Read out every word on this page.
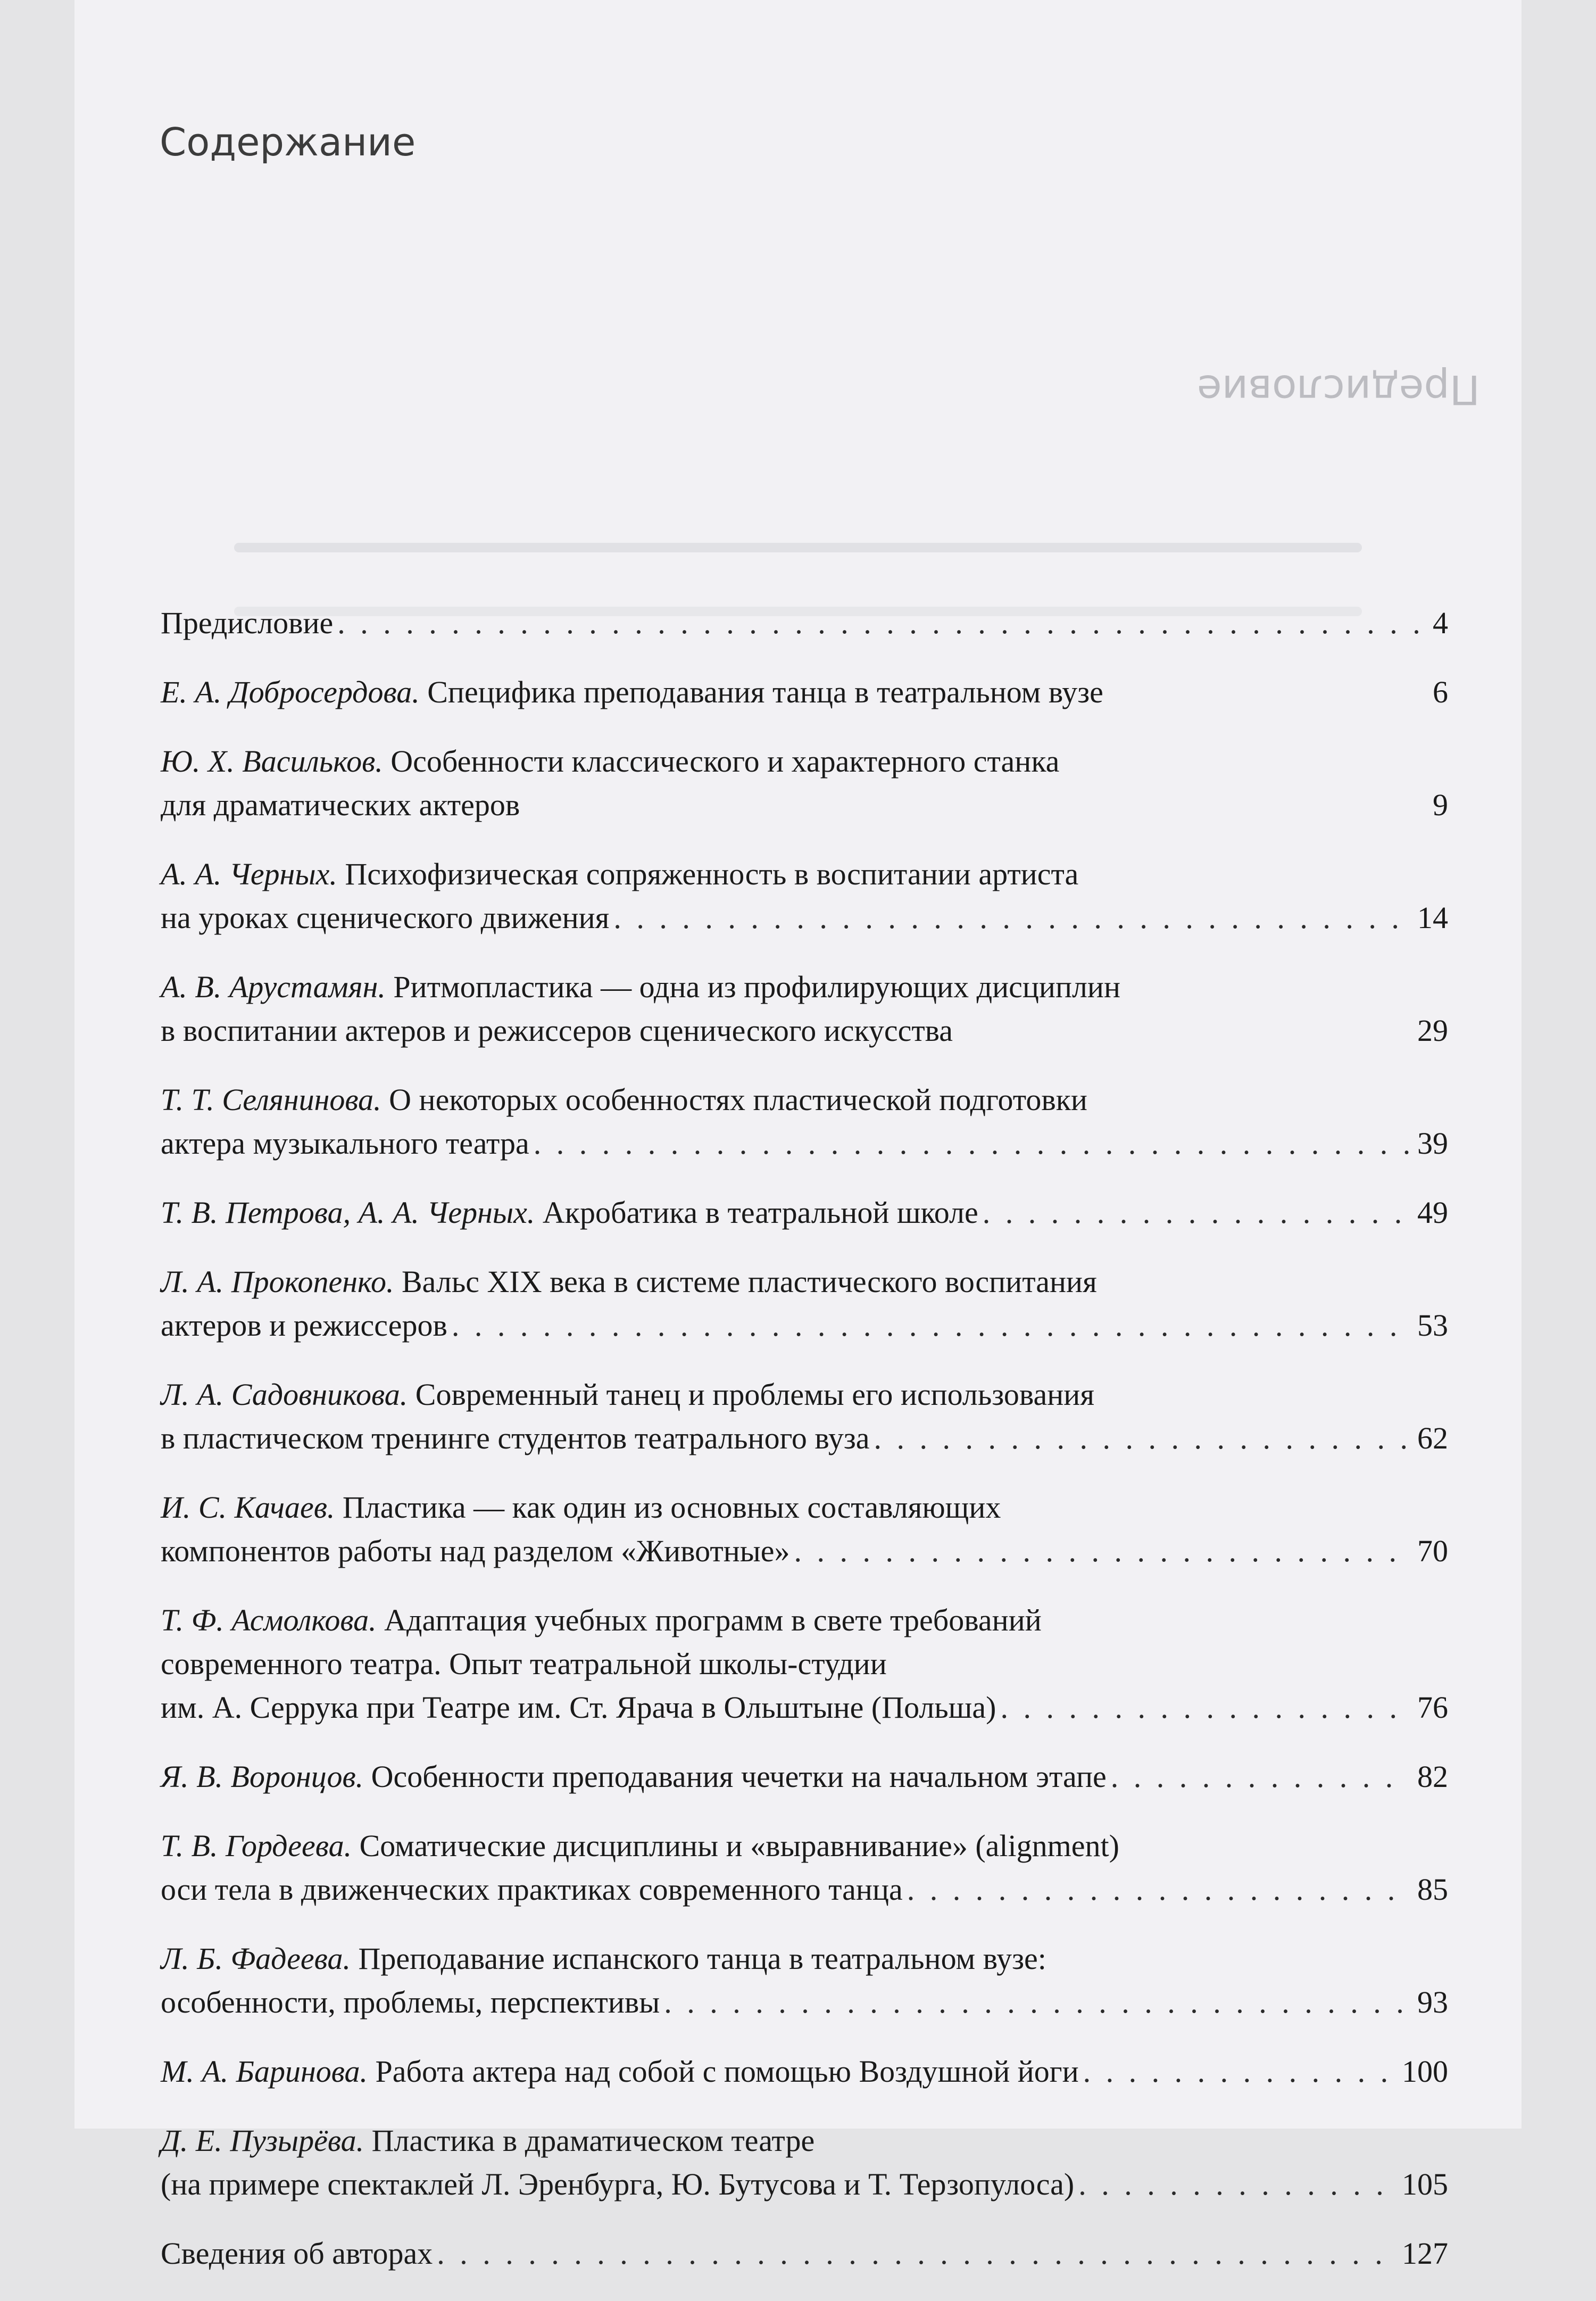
Предисловие
Содержание
Предисловие . . .	4
Е. А. Добросердова. Специфика преподавания танца в театральном вузе	6
Ю. Х. Васильков. Особенности классического и характерного станка
для драматических актеров	9
А. А. Черных. Психофизическая сопряженность в воспитании артиста
на уроках сценического движения . . .	14
А. В. Арустамян. Ритмопластика — одна из профилирующих дисциплин
в воспитании актеров и режиссеров сценического искусства	29
Т. Т. Селянинова. О некоторых особенностях пластической подготовки
актера музыкального театра . . .	39
Т. В. Петрова, А. А. Черных. Акробатика в театральной школе . . .	49
Л. А. Прокопенко. Вальс XIX века в системе пластического воспитания
актеров и режиссеров . . .	53
Л. А. Садовникова. Современный танец и проблемы его использования
в пластическом тренинге студентов театрального вуза . . .	62
И. С. Качаев. Пластика — как один из основных составляющих
компонентов работы над разделом «Животные» . . .	70
Т. Ф. Асмолкова. Адаптация учебных программ в свете требований
современного театра. Опыт театральной школы-студии
им. А. Серрука при Театре им. Ст. Ярача в Ольштыне (Польша) . . .	76
Я. В. Воронцов. Особенности преподавания чечетки на начальном этапе . . .	82
Т. В. Гордеева. Соматические дисциплины и «выравнивание» (alignment)
оси тела в движенческих практиках современного танца . . .	85
Л. Б. Фадеева. Преподавание испанского танца в театральном вузе:
особенности, проблемы, перспективы . . .	93
М. А. Баринова. Работа актера над собой с помощью Воздушной йоги . . .	100
Д. Е. Пузырёва. Пластика в драматическом театре
(на примере спектаклей Л. Эренбурга, Ю. Бутусова и Т. Терзопулоса) . . .	105
Сведения об авторах . . .	127
